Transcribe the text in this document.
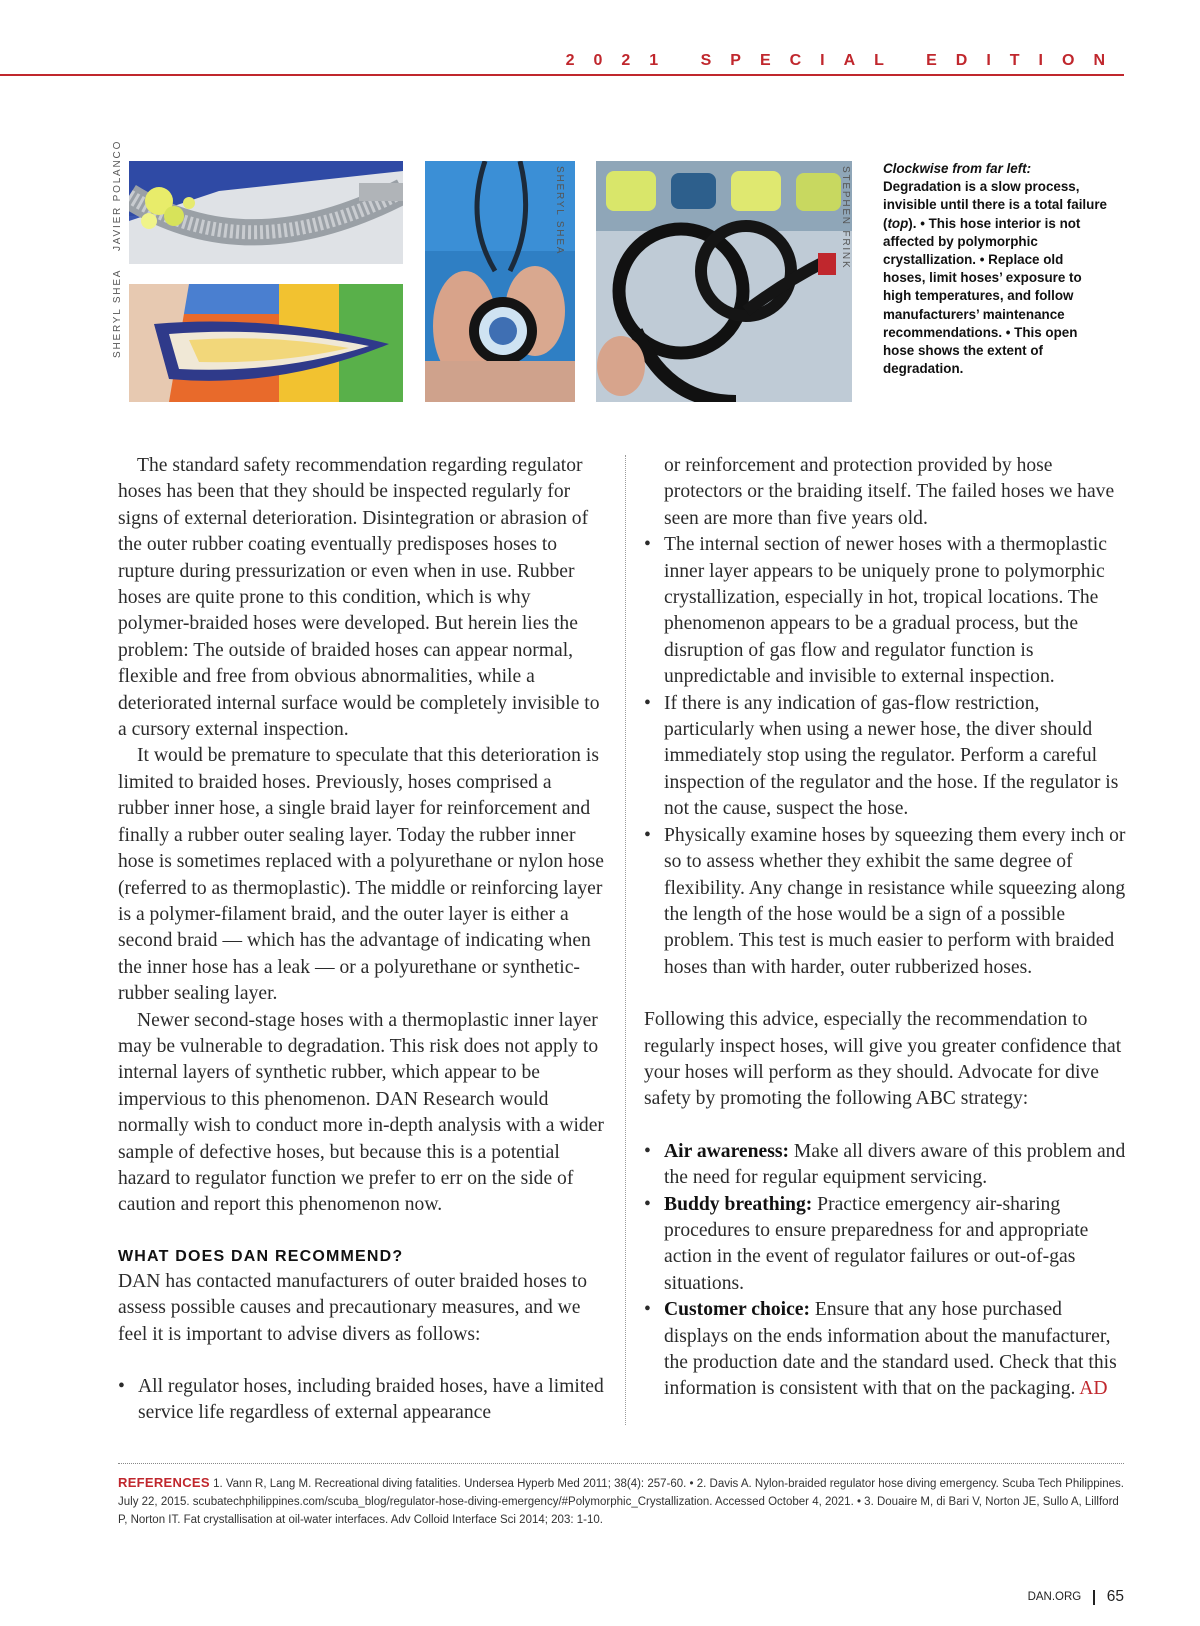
2021 SPECIAL EDITION
JAVIER POLANCO
SHERYL SHEA
SHERYL SHEA	STEPHEN FRINK Clockwise from far left:
Degradation is a slow process, invisible until there is a total failure (top). • This hose interior is not affected by polymorphic crystallization. • Replace old hoses, limit hoses’ exposure to high temperatures, and follow manufacturers’ maintenance recommendations. • This open hose shows the extent of degradation.

The standard safety recommendation regarding regulator hoses has been that they should be inspected regularly for signs of external deterioration. Disintegration or abrasion of the outer rubber coating eventually predisposes hoses to rupture during pressurization or even when in use. Rubber hoses are quite prone to this condition, which is why polymer-braided hoses were developed. But herein lies the problem: The outside of braided hoses can appear normal, flexible and free from obvious abnormalities, while a deteriorated internal surface would be completely invisible to a cursory external inspection.

It would be premature to speculate that this deterioration is limited to braided hoses. Previously, hoses comprised a rubber inner hose, a single braid layer for reinforcement and finally a rubber outer sealing layer. Today the rubber inner hose is sometimes replaced with a polyurethane or nylon hose (referred to as thermoplastic). The middle or reinforcing layer is a polymer-filament braid, and the outer layer is either a second braid — which has the advantage of indicating when the inner hose has a leak — or a polyurethane or synthetic-rubber sealing layer.

Newer second-stage hoses with a thermoplastic inner layer may be vulnerable to degradation. This risk does not apply to internal layers of synthetic rubber, which appear to be impervious to this phenomenon. DAN Research would normally wish to conduct more in-depth analysis with a wider sample of defective hoses, but because this is a potential hazard to regulator function we prefer to err on the side of caution and report this phenomenon now.

WHAT DOES DAN RECOMMEND?

DAN has contacted manufacturers of outer braided hoses to assess possible causes and precautionary measures, and we feel it is important to advise divers as follows:

• All regulator hoses, including braided hoses, have a limited service life regardless of external appearance

or reinforcement and protection provided by hose protectors or the braiding itself. The failed hoses we have seen are more than five years old.

• The internal section of newer hoses with a thermoplastic inner layer appears to be uniquely prone to polymorphic crystallization, especially in hot, tropical locations. The phenomenon appears to be a gradual process, but the disruption of gas flow and regulator function is unpredictable and invisible to external inspection.
• If there is any indication of gas-flow restriction, particularly when using a newer hose, the diver should immediately stop using the regulator. Perform a careful inspection of the regulator and the hose. If the regulator is not the cause, suspect the hose.
• Physically examine hoses by squeezing them every inch or so to assess whether they exhibit the same degree of flexibility. Any change in resistance while squeezing along the length of the hose would be a sign of a possible problem. This test is much easier to perform with braided hoses than with harder, outer rubberized hoses.

Following this advice, especially the recommendation to regularly inspect hoses, will give you greater confidence that your hoses will perform as they should. Advocate for dive safety by promoting the following ABC strategy:

• Air awareness: Make all divers aware of this problem and the need for regular equipment servicing.
• Buddy breathing: Practice emergency air-sharing procedures to ensure preparedness for and appropriate action in the event of regulator failures or out-of-gas situations.
• Customer choice: Ensure that any hose purchased displays on the ends information about the manufacturer, the production date and the standard used. Check that this information is consistent with that on the packaging. AD
REFERENCES 1. Vann R, Lang M. Recreational diving fatalities. Undersea Hyperb Med 2011; 38(4): 257-60. • 2. Davis A. Nylon-braided regulator hose diving emergency. Scuba Tech Philippines. July 22, 2015. scubatechphilippines.com/scuba_blog/regulator-hose-diving-emergency/#Polymorphic_Crystallization. Accessed October 4, 2021. • 3. Douaire M, di Bari V, Norton JE, Sullo A, Lillford P, Norton IT. Fat crystallisation at oil-water interfaces. Adv Colloid Interface Sci 2014; 203: 1-10.
DAN.ORG 65
